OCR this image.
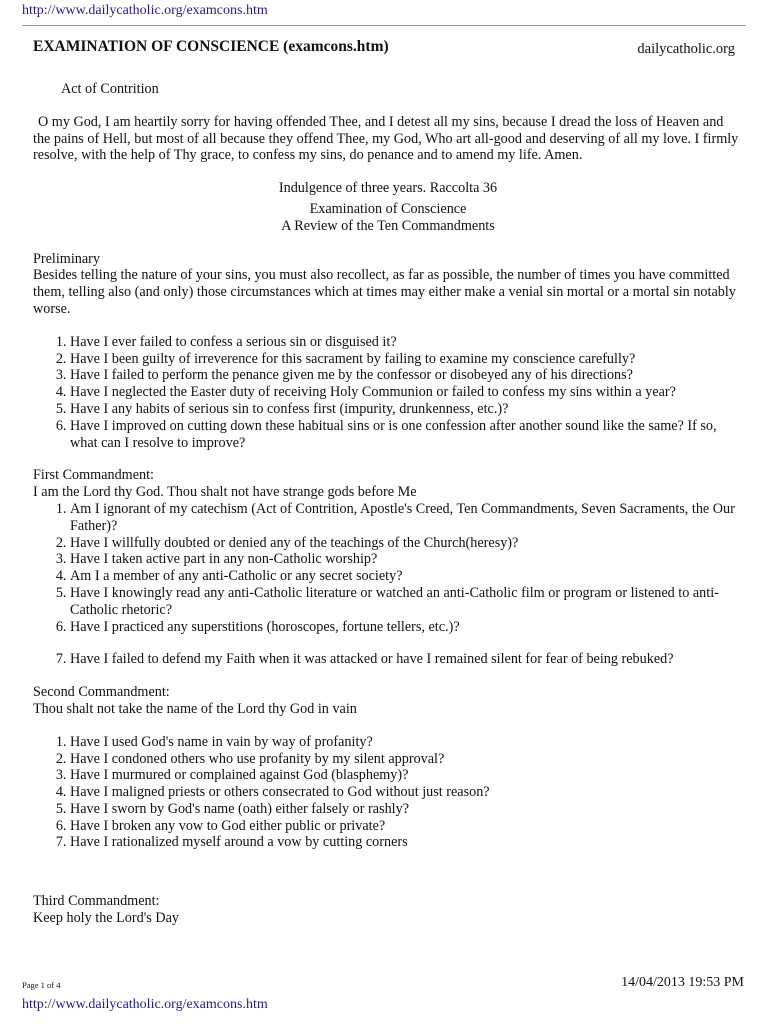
http://www.dailycatholic.org/examcons.htm
EXAMINATION OF CONSCIENCE (examcons.htm)	dailycatholic.org

Act of Contrition

O my God, I am heartily sorry for having offended Thee, and I detest all my sins, because I dread the loss of Heaven and the pains of Hell, but most of all because they offend Thee, my God, Who art all-good and deserving of all my love. I firmly resolve, with the help of Thy grace, to confess my sins, do penance and to amend my life. Amen.

Indulgence of three years. Raccolta 36

Examination of Conscience

A Review of the Ten Commandments

Preliminary

Besides telling the nature of your sins, you must also recollect, as far as possible, the number of times you have committed them, telling also (and only) those circumstances which at times may either make a venial sin mortal or a mortal sin notably worse.

1. Have I ever failed to confess a serious sin or disguised it?
2. Have I been guilty of irreverence for this sacrament by failing to examine my conscience carefully?
3. Have I failed to perform the penance given me by the confessor or disobeyed any of his directions?
4. Have I neglected the Easter duty of receiving Holy Communion or failed to confess my sins within a year?
5. Have I any habits of serious sin to confess first (impurity, drunkenness, etc.)?
6. Have I improved on cutting down these habitual sins or is one confession after another sound like the same? If so, what can I resolve to improve?

First Commandment:

I am the Lord thy God. Thou shalt not have strange gods before Me

1. Am I ignorant of my catechism (Act of Contrition, Apostle's Creed, Ten Commandments, Seven Sacraments, the Our Father)?
2. Have I willfully doubted or denied any of the teachings of the Church(heresy)?
3. Have I taken active part in any non-Catholic worship?
4. Am I a member of any anti-Catholic or any secret society?
5. Have I knowingly read any anti-Catholic literature or watched an anti-Catholic film or program or listened to anti-Catholic rhetoric?
6. Have I practiced any superstitions (horoscopes, fortune tellers, etc.)?
7. Have I failed to defend my Faith when it was attacked or have I remained silent for fear of being rebuked?

Second Commandment:

Thou shalt not take the name of the Lord thy God in vain

1. Have I used God's name in vain by way of profanity?
2. Have I condoned others who use profanity by my silent approval?
3. Have I murmured or complained against God (blasphemy)?
4. Have I maligned priests or others consecrated to God without just reason?
5. Have I sworn by God's name (oath) either falsely or rashly?
6. Have I broken any vow to God either public or private?
7. Have I rationalized myself around a vow by cutting corners

Third Commandment:

Keep holy the Lord's Day

Page 1 of 4	14/04/2013 19:53 PM
http://www.dailycatholic.org/examcons.htm
